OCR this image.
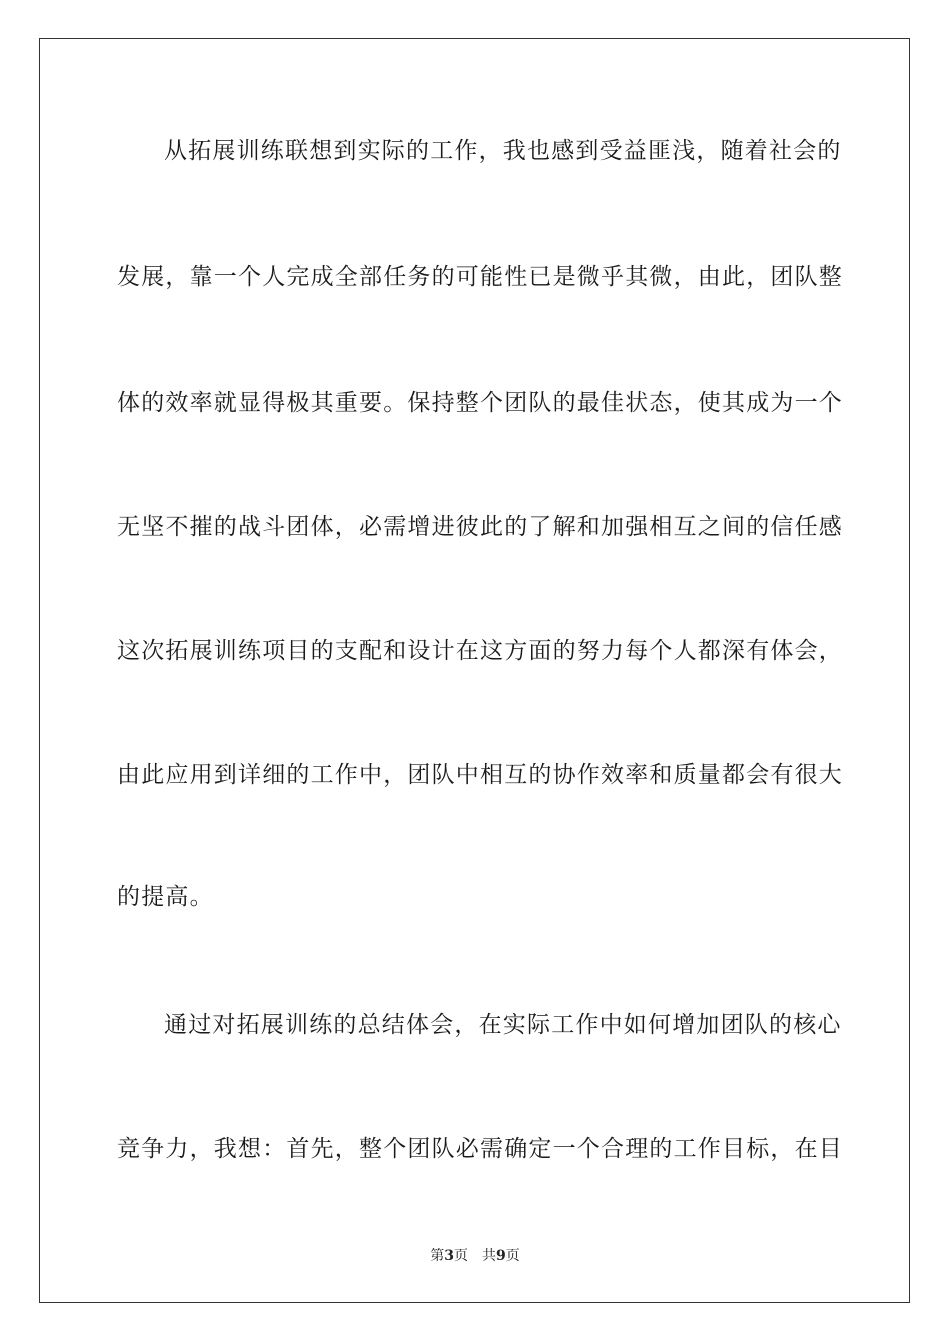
从拓展训练联想到实际的工作，我也感到受益匪浅，随着社会的
发展，靠一个人完成全部任务的可能性已是微乎其微，由此，团队整
体的效率就显得极其重要。保持整个团队的最佳状态，使其成为一个
无坚不摧的战斗团体，必需增进彼此的了解和加强相互之间的信任感
这次拓展训练项目的支配和设计在这方面的努力每个人都深有体会，
由此应用到详细的工作中，团队中相互的协作效率和质量都会有很大
的提高。
通过对拓展训练的总结体会，在实际工作中如何增加团队的核心
竞争力，我想：首先，整个团队必需确定一个合理的工作目标，在目
第3页 共9页
